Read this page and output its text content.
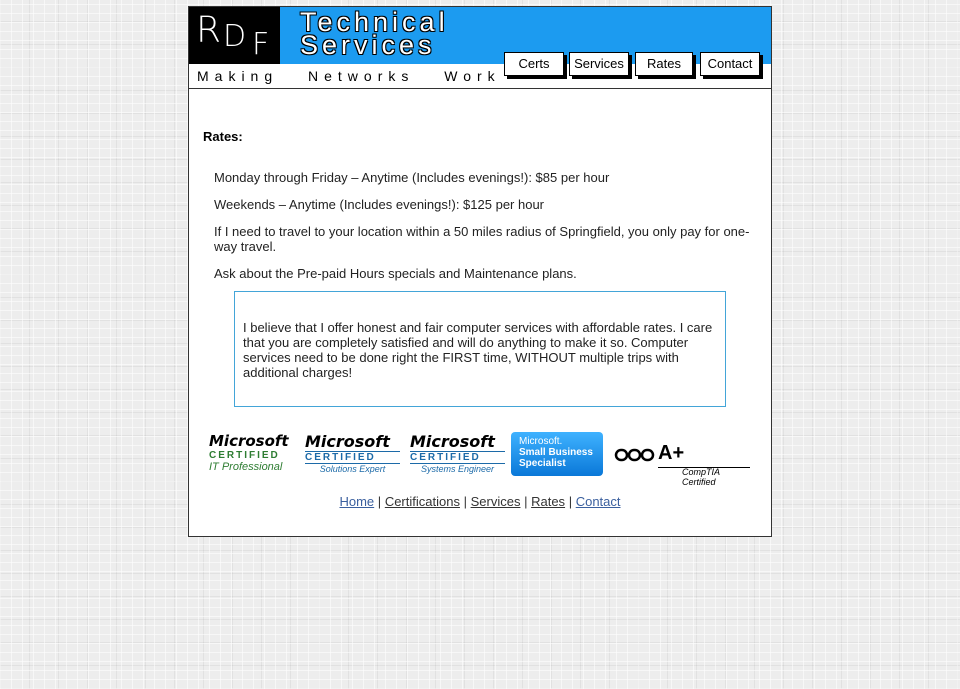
R D F
Technical
Services
Making Networks Work
Certs	Services	Rates	Contact
Rates:

Monday through Friday – Anytime (Includes evenings!): $85 per hour

Weekends – Anytime (Includes evenings!): $125 per hour

If I need to travel to your location within a 50 miles radius of Springfield, you only pay for one-way travel.

Ask about the Pre-paid Hours specials and Maintenance plans.

I believe that I offer honest and fair computer services with affordable rates. I care that you are completely satisfied and will do anything to make it so. Computer services need to be done right the FIRST time, WITHOUT multiple trips with additional charges!
Microsoft
CERTIFIED
IT Professional
Microsoft
CERTIFIED
Solutions Expert
Microsoft
CERTIFIED
Systems Engineer
Microsoft.
Small Business
Specialist	A+
CompTIA Certified
Home | Certifications | Services | Rates | Contact
